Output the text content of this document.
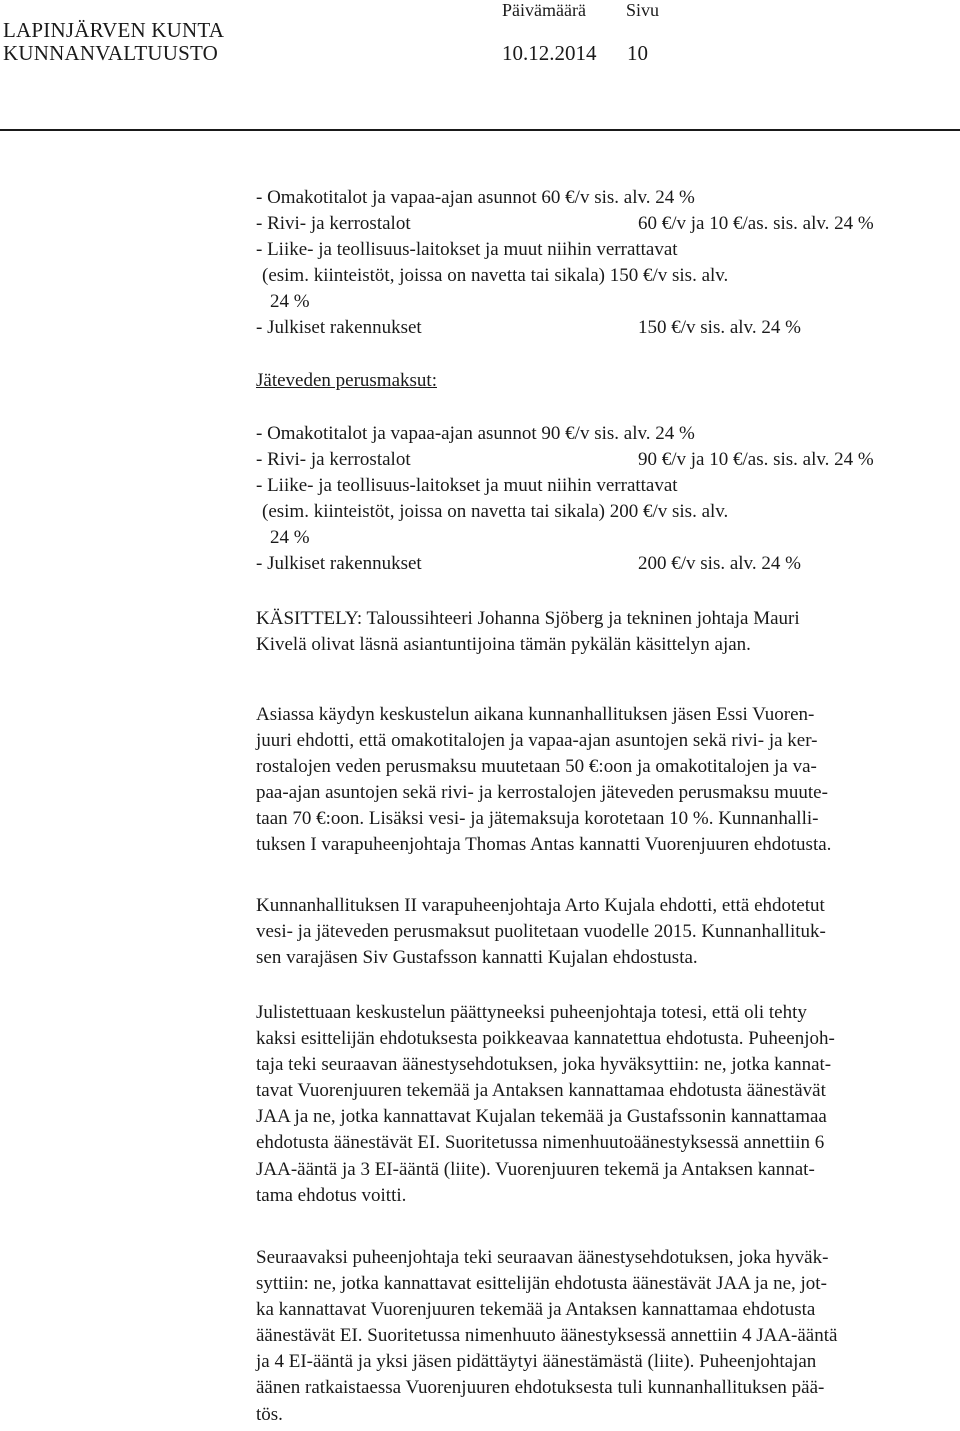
LAPINJÄRVEN KUNTA
KUNNANVALTUUSTO
Päivämäärä Sivu
10.12.2014 10
- Omakotitalot ja vapaa-ajan asunnot 60 €/v sis. alv. 24 %
- Rivi- ja kerrostalot	60 €/v ja 10 €/as. sis. alv. 24 %
- Liike- ja teollisuus-laitokset ja muut niihin verrattavat
(esim. kiinteistöt, joissa on navetta tai sikala) 150 €/v sis. alv.
24 %
- Julkiset rakennukset	150 €/v sis. alv. 24 %
Jäteveden perusmaksut:
- Omakotitalot ja vapaa-ajan asunnot 90 €/v sis. alv. 24 %
- Rivi- ja kerrostalot	90 €/v ja 10 €/as. sis. alv. 24 %
- Liike- ja teollisuus-laitokset ja muut niihin verrattavat
(esim. kiinteistöt, joissa on navetta tai sikala) 200 €/v sis. alv.
24 %
- Julkiset rakennukset	200 €/v sis. alv. 24 %
KÄSITTELY: Taloussihteeri Johanna Sjöberg ja tekninen johtaja Mauri
Kivelä olivat läsnä asiantuntijoina tämän pykälän käsittelyn ajan.
Asiassa käydyn keskustelun aikana kunnanhallituksen jäsen Essi Vuoren-
juuri ehdotti, että omakotitalojen ja vapaa-ajan asuntojen sekä rivi- ja ker-
rostalojen veden perusmaksu muutetaan 50 €:oon ja omakotitalojen ja va-
paa-ajan asuntojen sekä rivi- ja kerrostalojen jäteveden perusmaksu muute-
taan 70 €:oon. Lisäksi vesi- ja jätemaksuja korotetaan 10 %. Kunnanhalli-
tuksen I varapuheenjohtaja Thomas Antas kannatti Vuorenjuuren ehdotusta.
Kunnanhallituksen II varapuheenjohtaja Arto Kujala ehdotti, että ehdotetut
vesi- ja jäteveden perusmaksut puolitetaan vuodelle 2015. Kunnanhallituk-
sen varajäsen Siv Gustafsson kannatti Kujalan ehdostusta.
Julistettuaan keskustelun päättyneeksi puheenjohtaja totesi, että oli tehty
kaksi esittelijän ehdotuksesta poikkeavaa kannatettua ehdotusta. Puheenjoh-
taja teki seuraavan äänestysehdotuksen, joka hyväksyttiin: ne, jotka kannat-
tavat Vuorenjuuren tekemää ja Antaksen kannattamaa ehdotusta äänestävät
JAA ja ne, jotka kannattavat Kujalan tekemää ja Gustafssonin kannattamaa
ehdotusta äänestävät EI. Suoritetussa nimenhuutoäänestyksessä annettiin 6
JAA-ääntä ja 3 EI-ääntä (liite). Vuorenjuuren tekemä ja Antaksen kannat-
tama ehdotus voitti.
Seuraavaksi puheenjohtaja teki seuraavan äänestysehdotuksen, joka hyväk-
syttiin: ne, jotka kannattavat esittelijän ehdotusta äänestävät JAA ja ne, jot-
ka kannattavat Vuorenjuuren tekemää ja Antaksen kannattamaa ehdotusta
äänestävät EI. Suoritetussa nimenhuuto äänestyksessä annettiin 4 JAA-ääntä
ja 4 EI-ääntä ja yksi jäsen pidättäytyi äänestämästä (liite). Puheenjohtajan
äänen ratkaistaessa Vuorenjuuren ehdotuksesta tuli kunnanhallituksen pää-
tös.
